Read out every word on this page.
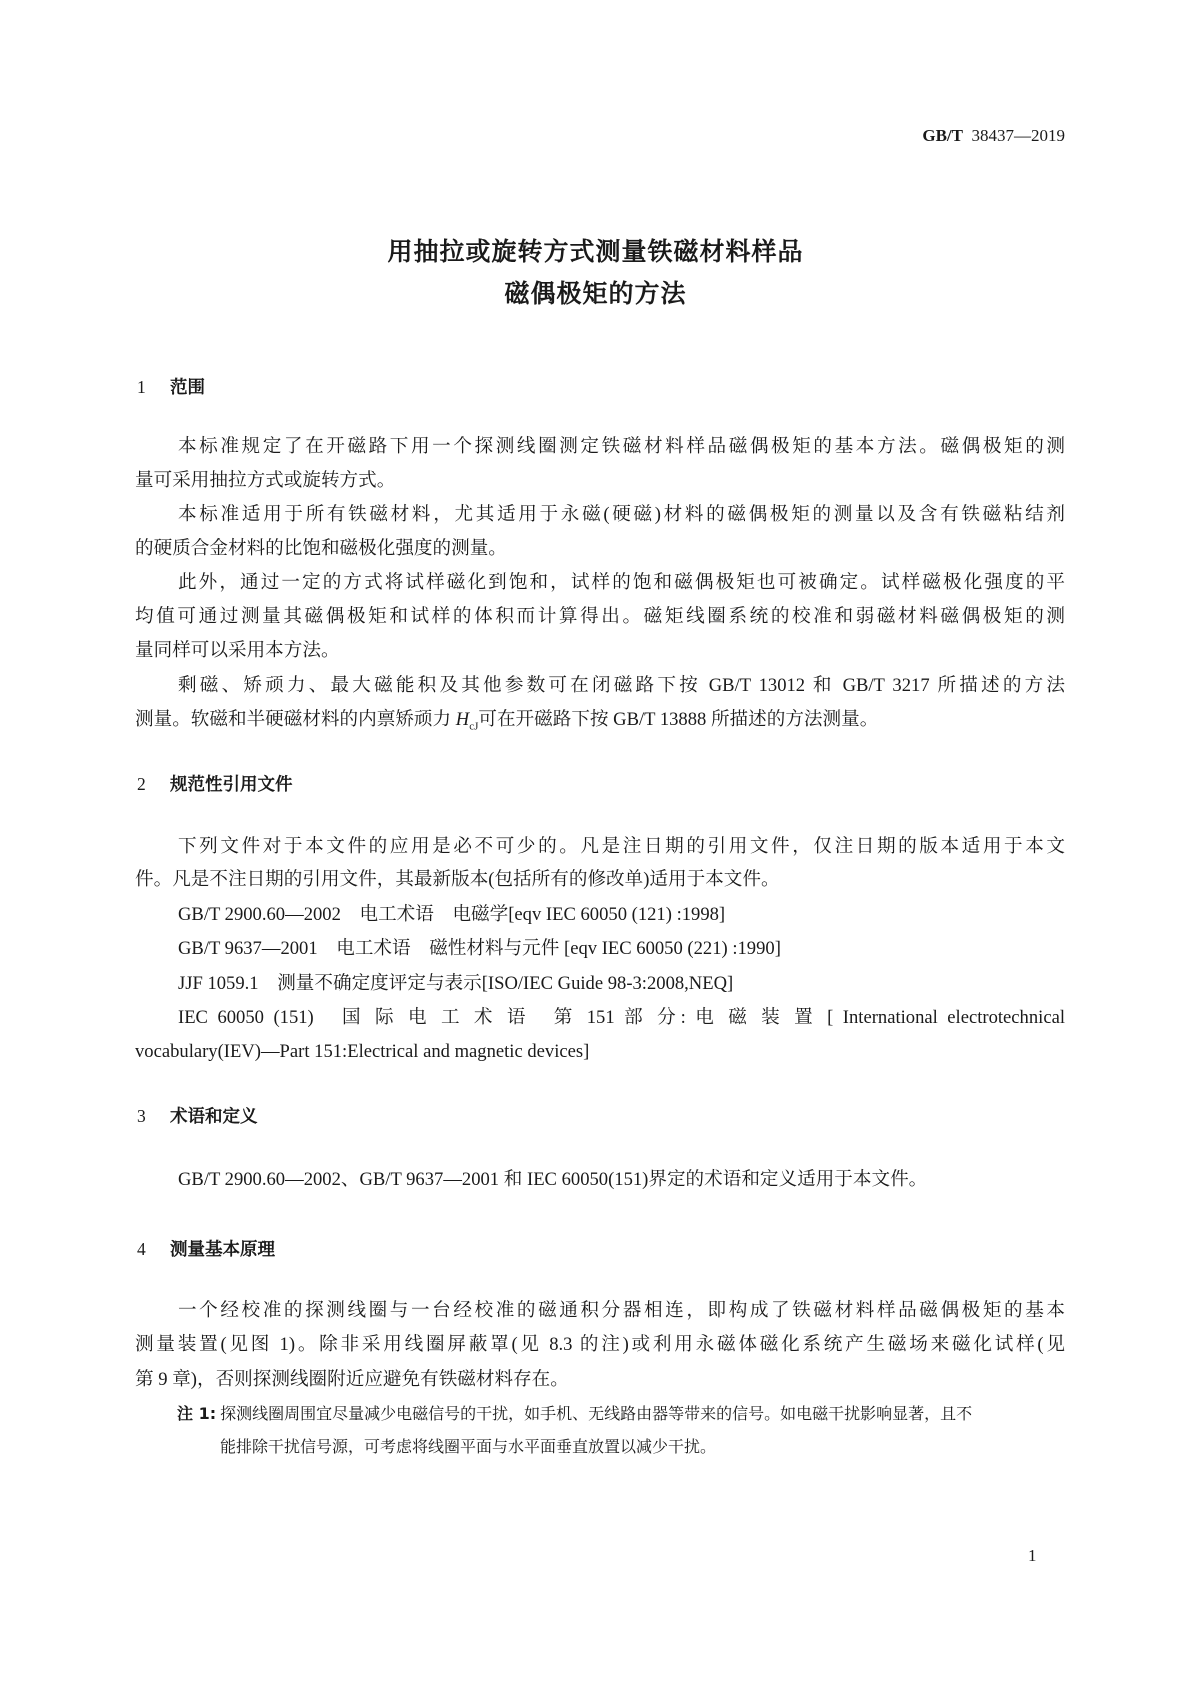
GB/T 38437—2019
用抽拉或旋转方式测量铁磁材料样品
磁偶极矩的方法
1 范围
本标准规定了在开磁路下用一个探测线圈测定铁磁材料样品磁偶极矩的基本方法。磁偶极矩的测
量可采用抽拉方式或旋转方式。
本标准适用于所有铁磁材料，尤其适用于永磁(硬磁)材料的磁偶极矩的测量以及含有铁磁粘结剂
的硬质合金材料的比饱和磁极化强度的测量。
此外，通过一定的方式将试样磁化到饱和，试样的饱和磁偶极矩也可被确定。试样磁极化强度的平
均值可通过测量其磁偶极矩和试样的体积而计算得出。磁矩线圈系统的校准和弱磁材料磁偶极矩的测
量同样可以采用本方法。
剩磁、矫顽力、最大磁能积及其他参数可在闭磁路下按 GB/T 13012 和 GB/T 3217 所描述的方法
测量。软磁和半硬磁材料的内禀矫顽力 $H_{cJ}$可在开磁路下按 GB/T 13888 所描述的方法测量。
2 规范性引用文件
下列文件对于本文件的应用是必不可少的。凡是注日期的引用文件，仅注日期的版本适用于本文
件。凡是不注日期的引用文件，其最新版本(包括所有的修改单)适用于本文件。
GB/T 2900.60—2002　电工术语　电磁学[eqv IEC 60050 (121) :1998]
GB/T 9637—2001　电工术语　磁性材料与元件 [eqv IEC 60050 (221) :1990]
JJF 1059.1　测量不确定度评定与表示[ISO/IEC Guide 98-3:2008,NEQ]
IEC 60050 (151)　国 际 电 工 术 语　第 151 部 分: 电 磁 装 置 [ International electrotechnical
vocabulary(IEV)—Part 151:Electrical and magnetic devices]
3 术语和定义
GB/T 2900.60—2002、GB/T 9637—2001 和 IEC 60050(151)界定的术语和定义适用于本文件。
4 测量基本原理
一个经校准的探测线圈与一台经校准的磁通积分器相连，即构成了铁磁材料样品磁偶极矩的基本
测量装置(见图 1)。除非采用线圈屏蔽罩(见 8.3 的注)或利用永磁体磁化系统产生磁场来磁化试样(见
第 9 章)，否则探测线圈附近应避免有铁磁材料存在。
注 1: 探测线圈周围宜尽量减少电磁信号的干扰，如手机、无线路由器等带来的信号。如电磁干扰影响显著，且不
能排除干扰信号源，可考虑将线圈平面与水平面垂直放置以减少干扰。
1
